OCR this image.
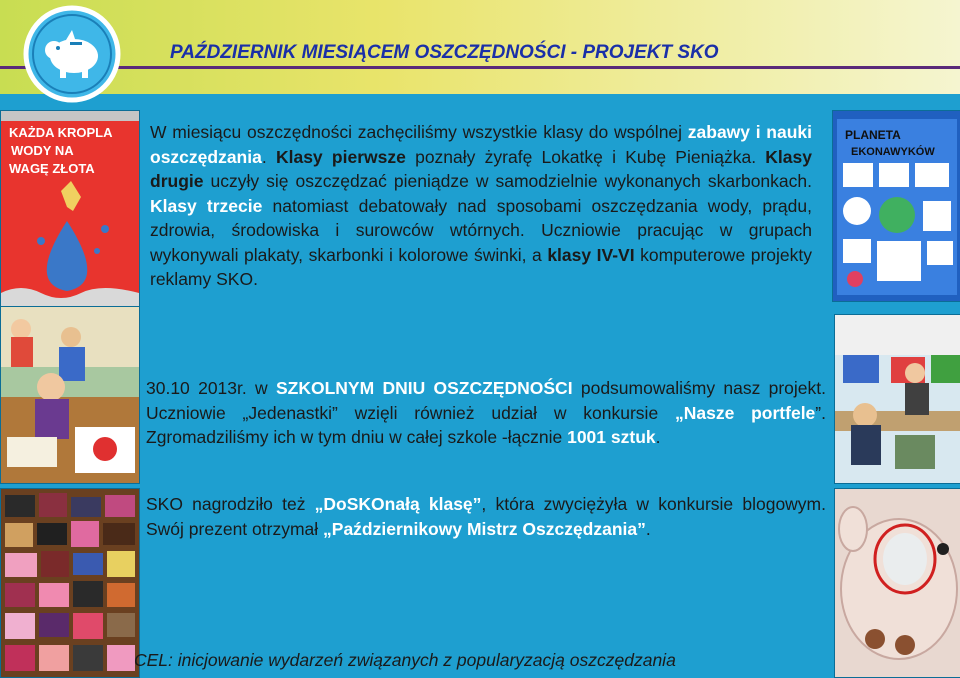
PAŹDZIERNIK MIESIĄCEM OSZCZĘDNOŚCI - PROJEKT SKO
KAŻDA KROPLA
WODY NA
WAGĘ ZŁOTA
PLANETA
EKONAWYKÓW

W miesiącu oszczędności zachęciliśmy wszystkie klasy do wspólnej zabawy i nauki oszczędzania. Klasy pierwsze poznały żyrafę Lokatkę i Kubę Pieniążka. Klasy drugie uczyły się oszczędzać pieniądze w samodzielnie wykonanych skarbonkach. Klasy trzecie natomiast debatowały nad sposobami oszczędzania wody, prądu, zdrowia, środowiska i surowców wtórnych. Uczniowie pracując w grupach wykonywali plakaty, skarbonki i kolorowe świnki, a klasy IV-VI komputerowe projekty reklamy SKO.

30.10 2013r. w SZKOLNYM DNIU OSZCZĘDNOŚCI podsumowaliśmy nasz projekt. Uczniowie „Jedenastki” wzięli również udział w konkursie „Nasze portfele”. Zgromadziliśmy ich w tym dniu w całej szkole -łącznie 1001 sztuk.

SKO nagrodziło też „DoSKOnałą klasę”, która zwyciężyła w konkursie blogowym. Swój prezent otrzymał „Październikowy Mistrz Oszczędzania”.

CEL: inicjowanie wydarzeń związanych z popularyzacją oszczędzania
